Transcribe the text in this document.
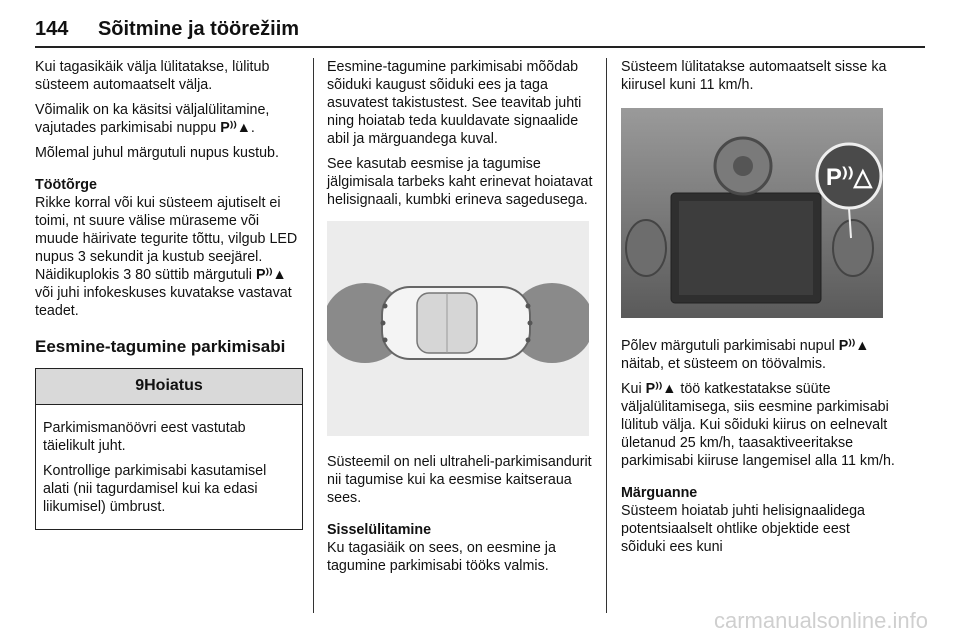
144 Sõitmine ja töörežiim

Kui tagasikäik välja lülitatakse, lülitub süsteem automaatselt välja.

Võimalik on ka käsitsi väljalülitamine, vajutades parkimisabi nuppu P⁾⁾▲.

Mõlemal juhul märgutuli nupus kustub.

Töötõrge

Rikke korral või kui süsteem ajutiselt ei toimi, nt suure välise müraseme või muude häirivate tegurite tõttu, vilgub LED nupus 3 sekundit ja kustub seejärel. Näidikuplokis 3 80 süttib märgutuli P⁾⁾▲ või juhi infokeskuses kuvatakse vastavat teadet.

Eesmine-tagumine parkimisabi
9Hoiatus

Parkimismanöövri eest vastutab täielikult juht.

Kontrollige parkimisabi kasutamisel alati (nii tagurdamisel kui ka edasi liikumisel) ümbrust.

Eesmine-tagumine parkimisabi mõõdab sõiduki kaugust sõiduki ees ja taga asuvatest takistustest. See teavitab juhti ning hoiatab teda kuuldavate signaalide abil ja märguandega kuval.

See kasutab eesmise ja tagumise jälgimisala tarbeks kaht erinevat hoiatavat helisignaali, kumbki erineva sagedusega.

Süsteemil on neli ultraheli-parkimisandurit nii tagumise kui ka eesmise kaitseraua sees.

Sisselülitamine

Ku tagasiäik on sees, on eesmine ja tagumine parkimisabi tööks valmis.

Süsteem lülitatakse automaatselt sisse ka kiirusel kuni 11 km/h.

P⁾⁾△

Põlev märgutuli parkimisabi nupul P⁾⁾▲ näitab, et süsteem on töövalmis.

Kui P⁾⁾▲ töö katkestatakse süüte väljalülitamisega, siis eesmine parkimisabi lülitub välja. Kui sõiduki kiirus on eelnevalt ületanud 25 km/h, taasaktiveeritakse parkimisabi kiiruse langemisel alla 11 km/h.

Märguanne

Süsteem hoiatab juhti helisignaalidega potentsiaalselt ohtlike objektide eest sõiduki ees kuni

carmanualsonline.info
